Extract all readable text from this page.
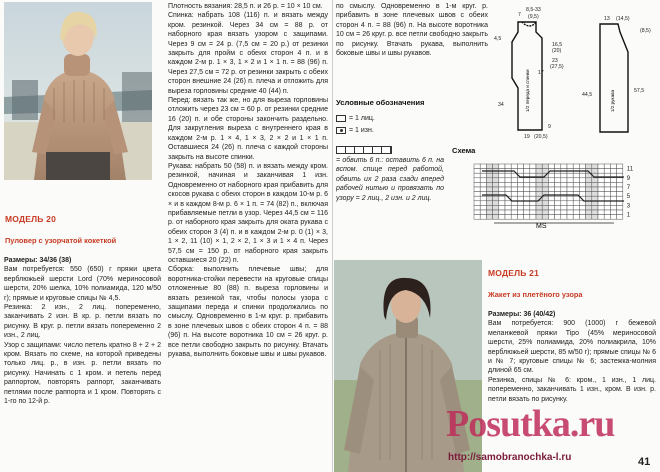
МОДЕЛЬ 20
Пуловер с узорчатой кокеткой

Размеры: 34/36 (38)

Вам потребуется: 550 (650) г пряжи цвета верблюжьей шерсти Lord (70% мериносовой шерсти, 20% шелка, 10% полиамида, 120 м/50 г); прямые и круговые спицы № 4,5.

Резинка: 2 изн., 2 лиц. попеременно, заканчивать 2 изн. В кр. р. петли вязать по рисунку. В круг. р. петли вязать попеременно 2 изн., 2 лиц.

Узор с защипами: число петель кратно 8 + 2 + 2 кром. Вязать по схеме, на которой приведены только лиц. р., в изн. р. петли вязать по рисунку. Начинать с 1 кром. и петель перед раппортом, повторять раппорт, заканчивать петлями после раппорта и 1 кром. Повторять с 1-го по 12-й р.

Плотность вязания: 28,5 п. и 26 р. = 10 × 10 см.

Спинка: набрать 108 (116) п. и вязать между кром. резинкой. Через 34 см = 88 р. от наборного края вязать узором с защипами. Через 9 см = 24 р. (7,5 см = 20 р.) от резинки закрыть для пройм с обеих сторон 4 п. и в каждом 2-м р. 1 × 3, 1 × 2 и 1 × 1 п. = 88 (96) п. Через 27,5 см = 72 р. от резинки закрыть с обеих сторон внешние 24 (26) п. плеча и отложить для выреза горловины средние 40 (44) п.

Перед: вязать так же, но для выреза горловины отложить через 23 см = 60 р. от резинки средние 16 (20) п. и обе стороны закончить раздельно. Для закругления выреза с внутреннего края в каждом 2-м р. 1 × 4, 1 × 3, 2 × 2 и 1 × 1 п. Оставшиеся 24 (26) п. плеча с каждой стороны закрыть на высоте спинки.

Рукава: набрать 50 (58) п. и вязать между кром. резинкой, начиная и заканчивая 1 изн. Одновременно от наборного края прибавить для скосов рукава с обеих сторон в каждом 10-м р. 6 × и в каждом 8-м р. 6 × 1 п. = 74 (82) п., включая прибавляемые петли в узор. Через 44,5 см = 116 р. от наборного края закрыть для оката рукава с обеих сторон 3 (4) п. и в каждом 2-м р. 0 (1) × 3, 1 × 2, 11 (10) × 1, 2 × 2, 1 × 3 и 1 × 4 п. Через 57,5 см = 150 р. от наборного края закрыть оставшиеся 20 (22) п.

Сборка: выполнить плечевые швы; для воротника-стойки перевести на круговые спицы отложенные 80 (88) п. выреза горловины и вязать резинкой так, чтобы полосы узора с защипами переда и спинки продолжались по смыслу. Одновременно в 1-м круг. р. прибавить в зоне плечевых швов с обеих сторон 4 п. = 88 (96) п. На высоте воротника 10 см = 26 круг. р. все петли свободно закрыть по рисунку. Втачать рукава, выполнить боковые швы и швы рукавов.

по смыслу. Одновременно в 1-м круг. р. прибавить в зоне плечевых швов с обеих сторон 4 п. = 88 (96) п. На высоте воротника 10 см = 26 круг. р. все петли свободно закрыть по рисунку. Втачать рукава, выполнить боковые швы и швы рукавов.

Условные обозначения
= 1 лиц.
= 1 изн.
= обвить 6 п.: оставить 6 п. на вспом. спице перед работой, обвить их 2 раза сзади вперед рабочей нитью и провязать по узору = 2 лиц., 2 изн. и 2 лиц.
4,5
7
8,5-33
(9,5)
16,5
(20)
23
(27,5)
34
17
9
19 (20,5)
13 (14,5)
44,5
57,5
(8,5)
1/2 переда и спинки	1/2 рукава
Схема
11
9
7
5
3
1
MS
МОДЕЛЬ 21
Жакет из плетёного узора

Размеры: 36 (40/42)

Вам потребуется: 900 (1000) г бежевой меланжевой пряжи Tipo (45% мериносовой шерсти, 25% полиамида, 20% полиакрила, 10% верблюжьей шерсти, 85 м/50 г); прямые спицы № 6 и № 7; круговые спицы № 6; застежка-молния длиной 65 см.

Резинка, спицы № 6: кром., 1 изн., 1 лиц. попеременно, заканчивать 1 изн., кром. В изн. р. петли вязать по рисунку.

Posutka.ru
http://samobranochka-l.ru	41
